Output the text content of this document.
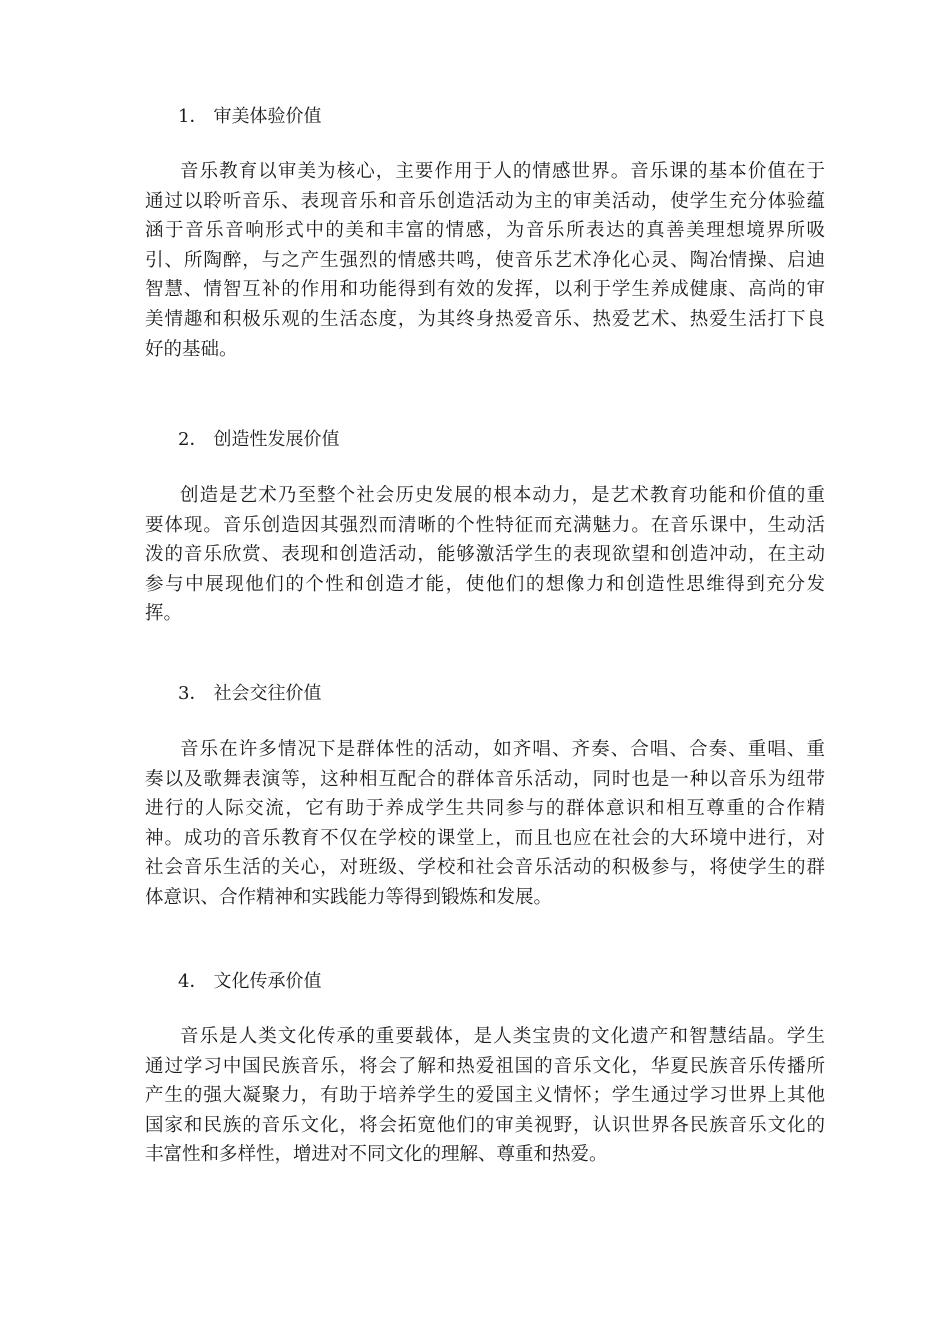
1． 审美体验价值

音乐教育以审美为核心，主要作用于人的情感世界。音乐课的基本价值在于
通过以聆听音乐、表现音乐和音乐创造活动为主的审美活动，使学生充分体验蕴
涵于音乐音响形式中的美和丰富的情感，为音乐所表达的真善美理想境界所吸
引、所陶醉，与之产生强烈的情感共鸣，使音乐艺术净化心灵、陶冶情操、启迪
智慧、情智互补的作用和功能得到有效的发挥，以利于学生养成健康、高尚的审
美情趣和积极乐观的生活态度，为其终身热爱音乐、热爱艺术、热爱生活打下良
好的基础。

2． 创造性发展价值

创造是艺术乃至整个社会历史发展的根本动力，是艺术教育功能和价值的重
要体现。音乐创造因其强烈而清晰的个性特征而充满魅力。在音乐课中，生动活
泼的音乐欣赏、表现和创造活动，能够激活学生的表现欲望和创造冲动，在主动
参与中展现他们的个性和创造才能，使他们的想像力和创造性思维得到充分发
挥。

3． 社会交往价值

音乐在许多情况下是群体性的活动，如齐唱、齐奏、合唱、合奏、重唱、重
奏以及歌舞表演等，这种相互配合的群体音乐活动，同时也是一种以音乐为纽带
进行的人际交流，它有助于养成学生共同参与的群体意识和相互尊重的合作精
神。成功的音乐教育不仅在学校的课堂上，而且也应在社会的大环境中进行，对
社会音乐生活的关心，对班级、学校和社会音乐活动的积极参与，将使学生的群
体意识、合作精神和实践能力等得到锻炼和发展。

4． 文化传承价值

音乐是人类文化传承的重要载体，是人类宝贵的文化遗产和智慧结晶。学生
通过学习中国民族音乐，将会了解和热爱祖国的音乐文化，华夏民族音乐传播所
产生的强大凝聚力，有助于培养学生的爱国主义情怀；学生通过学习世界上其他
国家和民族的音乐文化，将会拓宽他们的审美视野，认识世界各民族音乐文化的
丰富性和多样性，增进对不同文化的理解、尊重和热爱。
